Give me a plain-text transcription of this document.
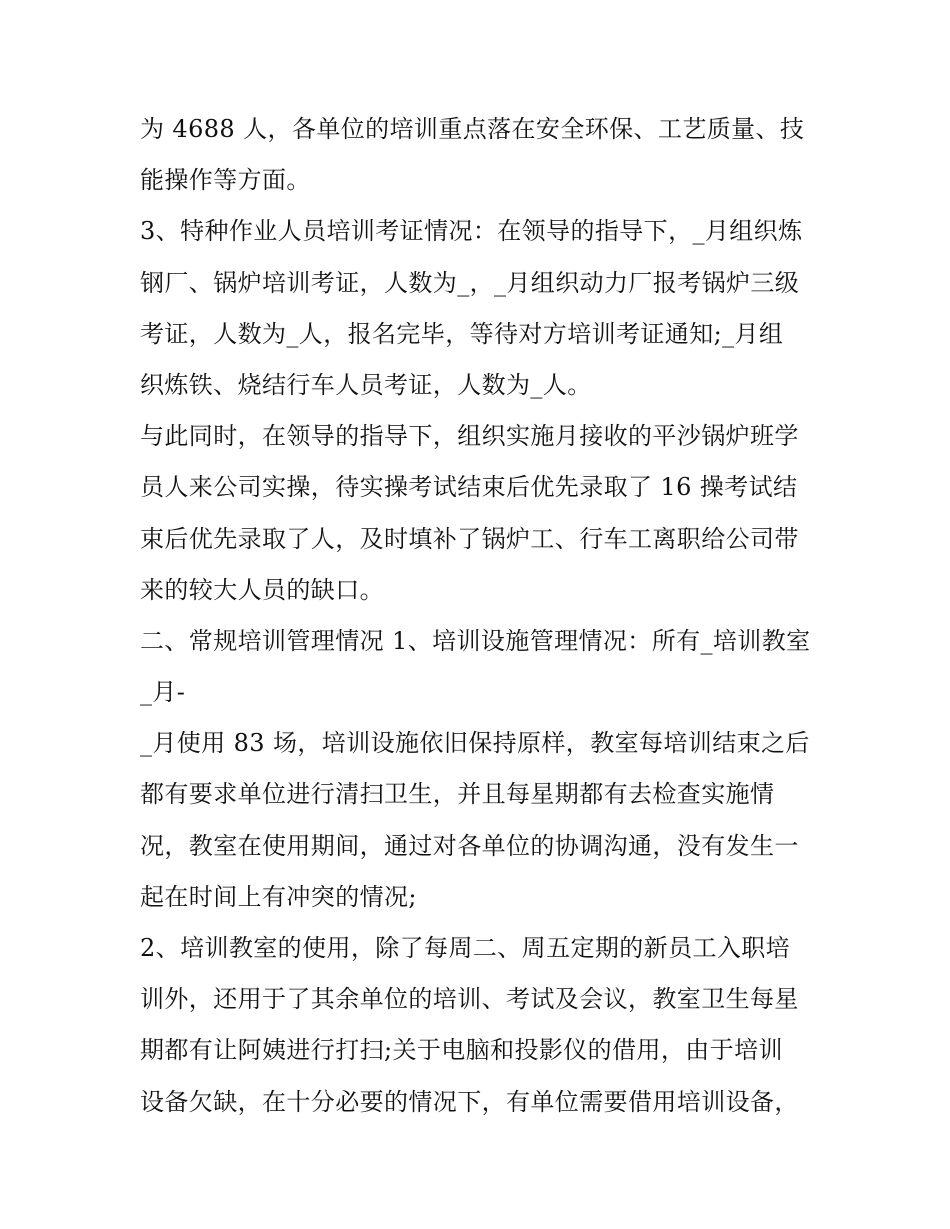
为 4688 人，各单位的培训重点落在安全环保、工艺质量、技
能操作等方面。
3、特种作业人员培训考证情况：在领导的指导下，_月组织炼
钢厂、锅炉培训考证，人数为_，_月组织动力厂报考锅炉三级
考证，人数为_人，报名完毕，等待对方培训考证通知;_月组
织炼铁、烧结行车人员考证，人数为_人。
与此同时，在领导的指导下，组织实施月接收的平沙锅炉班学
员人来公司实操，待实操考试结束后优先录取了 16 操考试结
束后优先录取了人，及时填补了锅炉工、行车工离职给公司带
来的较大人员的缺口。
二、常规培训管理情况 1、培训设施管理情况：所有_培训教室
_月-
_月使用 83 场，培训设施依旧保持原样，教室每培训结束之后
都有要求单位进行清扫卫生，并且每星期都有去检查实施情
况，教室在使用期间，通过对各单位的协调沟通，没有发生一
起在时间上有冲突的情况;
2、培训教室的使用，除了每周二、周五定期的新员工入职培
训外，还用于了其余单位的培训、考试及会议，教室卫生每星
期都有让阿姨进行打扫;关于电脑和投影仪的借用，由于培训
设备欠缺，在十分必要的情况下，有单位需要借用培训设备，
